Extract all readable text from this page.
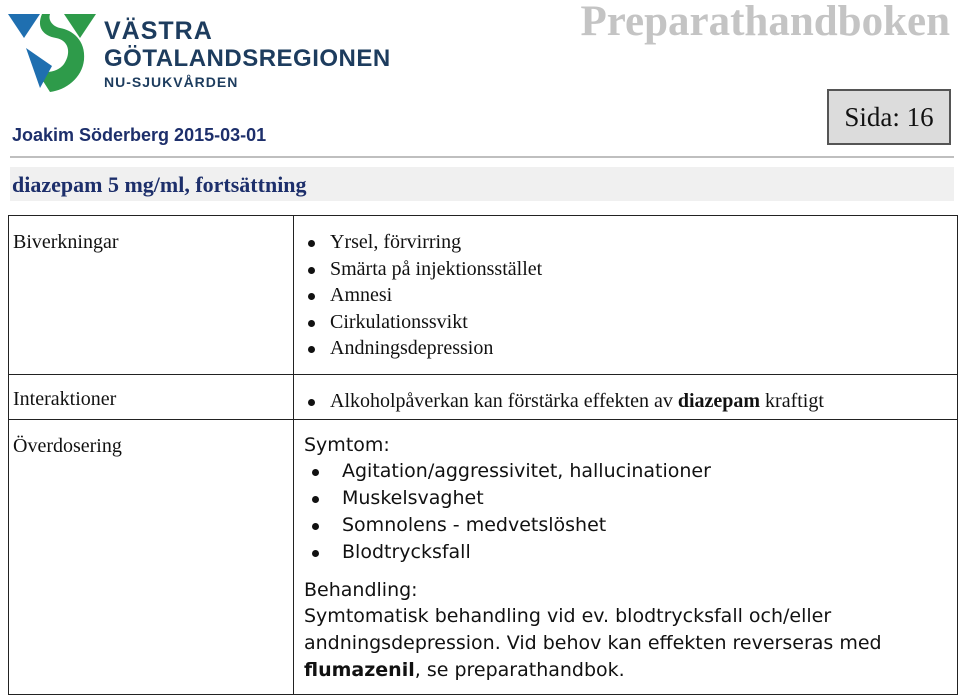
VÄSTRA
GÖTALANDSREGIONEN
NU-SJUKVÅRDEN
Preparathandboken
Joakim Söderberg 2015-03-01
Sida: 16
diazepam 5 mg/ml, fortsättning
Biverkningar	Yrsel, förvirring
Smärta på injektionsstället
Amnesi
Cirkulationssvikt
Andningsdepression
Interaktioner	Alkoholpåverkan kan förstärka effekten av diazepam kraftigt
Överdosering	Symtom:
Agitation/aggressivitet, hallucinationer
Muskelsvaghet
Somnolens - medvetslöshet
Blodtrycksfall
Behandling:
Symtomatisk behandling vid ev. blodtrycksfall och/eller andningsdepression. Vid behov kan effekten reverseras med flumazenil, se preparathandbok.
